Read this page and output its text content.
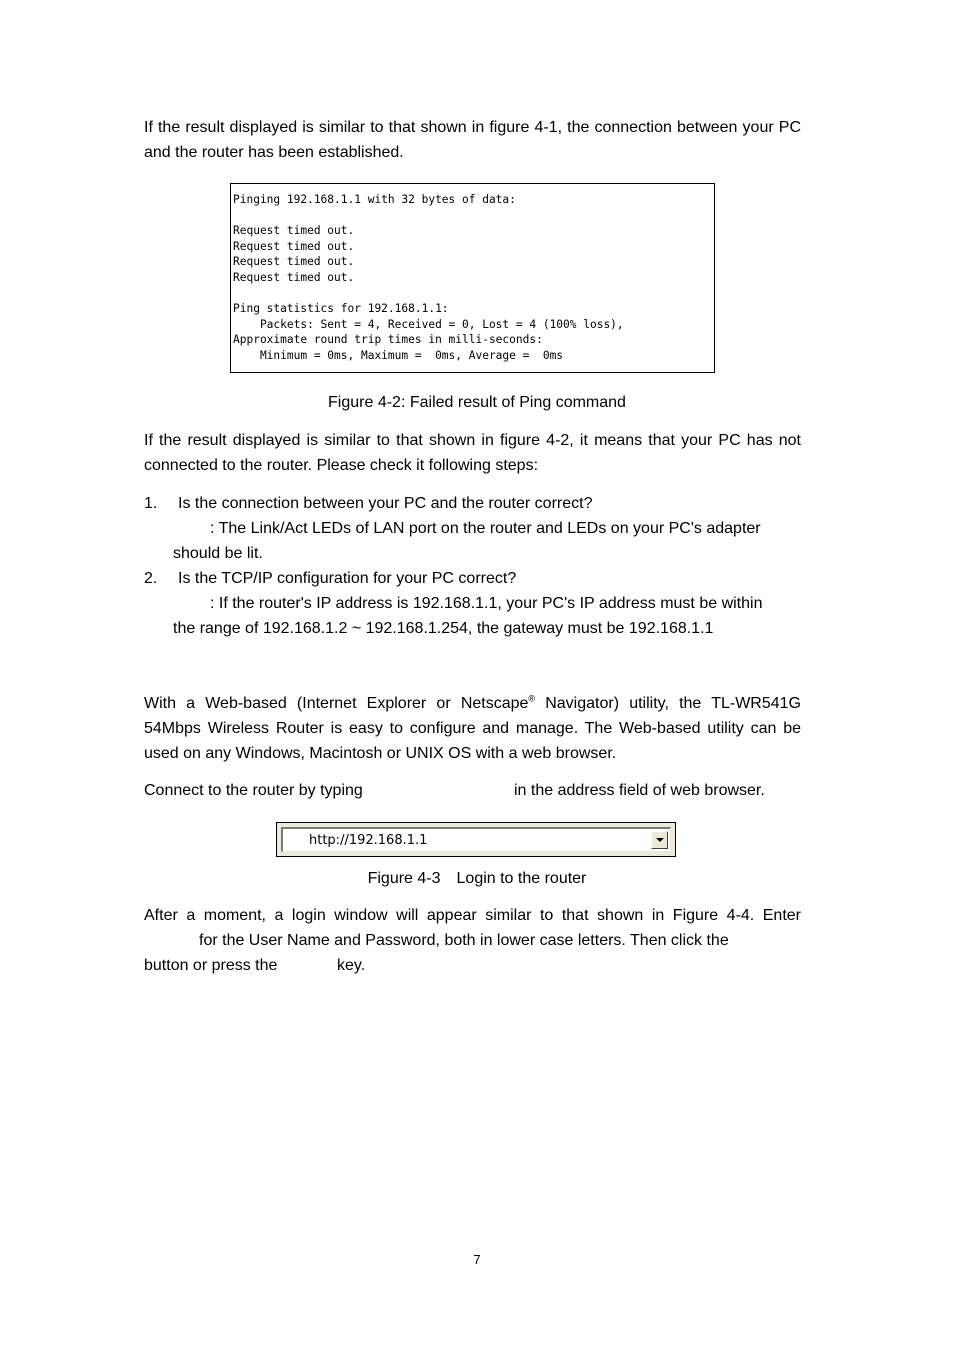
If the result displayed is similar to that shown in figure 4-1, the connection between your PC and the router has been established.

Pinging 192.168.1.1 with 32 bytes of data:
Request timed out.
Request timed out.
Request timed out.
Request timed out.
Ping statistics for 192.168.1.1:
Packets: Sent = 4, Received = 0, Lost = 4 (100% loss),
Approximate round trip times in milli-seconds:
Minimum = 0ms, Maximum =  0ms, Average =  0ms
Figure 4-2: Failed result of Ping command

If the result displayed is similar to that shown in figure 4-2, it means that your PC has not connected to the router. Please check it following steps:

1. Is the connection between your PC and the router correct?
: The Link/Act LEDs of LAN port on the router and LEDs on your PC's adapter
should be lit.
2. Is the TCP/IP configuration for your PC correct?
: If the router's IP address is 192.168.1.1, your PC's IP address must be within
the range of 192.168.1.2 ~ 192.168.1.254, the gateway must be 192.168.1.1

With a Web-based (Internet Explorer or Netscape® Navigator) utility, the TL-WR541G 54Mbps Wireless Router is easy to configure and manage. The Web-based utility can be used on any Windows, Macintosh or UNIX OS with a web browser.

Connect to the router by typing	in the address field of web browser.
http://192.168.1.1
Figure 4-3　Login to the router
After a moment, a login window will appear similar to that shown in Figure 4-4. Enter
for the User Name and Password, both in lower case letters. Then click the
button or press the	key.
7
